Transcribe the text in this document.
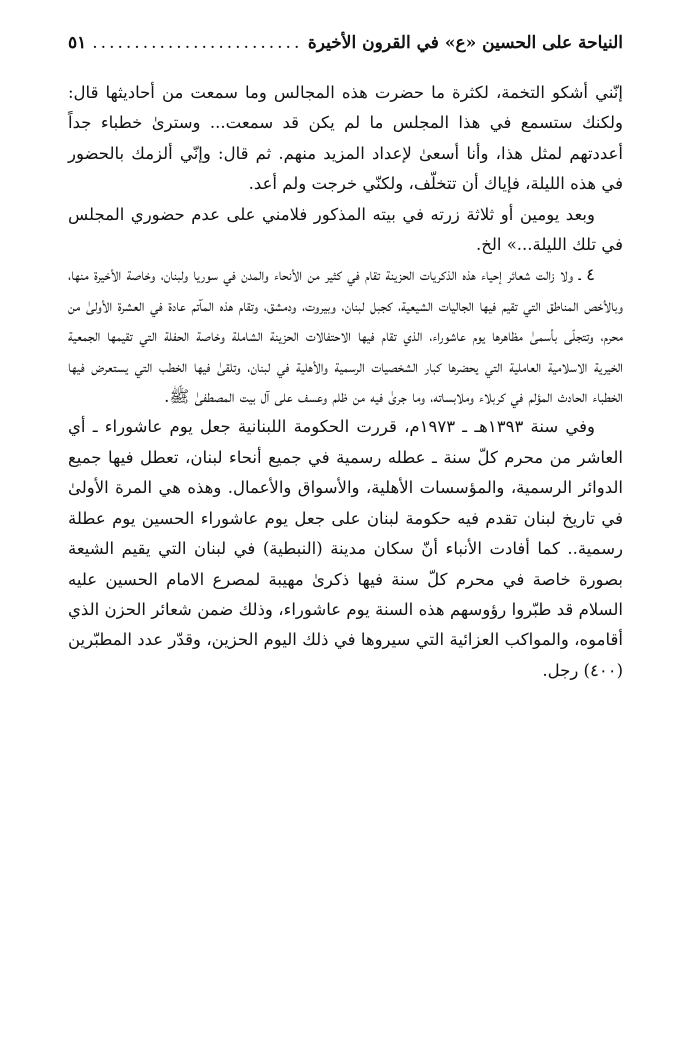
النياحة على الحسين «ع» في القرون الأخيرة
.....
٥١

إنّني أشكو التخمة، لكثرة ما حضرت هذه المجالس وما سمعت من أحاديثها قال: ولكنك ستسمع في هذا المجلس ما لم يكن قد سمعت... وسترىٰ خطباء جداً أعددتهم لمثل هذا، وأنا أسعىٰ لإعداد المزيد منهم. ثم قال: وإنّي ألزمك بالحضور في هذه الليلة، فإياك أن تتخلّف، ولكنّي خرجت ولم أعد.

وبعد يومين أو ثلاثة زرته في بيته المذكور فلامني على عدم حضوري المجلس في تلك الليلة...» الخ.

٤ ـ ولا زالت شعائر إحياء هذه الذكريات الحزينة تقام في كثير من الأنحاء والمدن في سوريا ولبنان، وخاصة الأخيرة منها، وبالأخص المناطق التي تقيم فيها الجاليات الشيعية، كجبل لبنان، وبيروت، ودمشق، وتقام هذه المآتم عادة في العشرة الأولىٰ من محرم، وتتجلّى بأسمىٰ مظاهرها يوم عاشوراء، الذي تقام فيها الاحتفالات الحزينة الشاملة وخاصة الحفلة التي تقيمها الجمعية الخيرية الاسلامية العاملية التي يحضرها كبار الشخصيات الرسمية والأهلية في لبنان، وتلقىٰ فيها الخطب التي يستعرض فيها الخطباء الحادث المؤلم في كربلاء وملابساته، وما جرىٰ فيه من ظلم وعسف على آل بيت المصطفىٰ ﷺ.

وفي سنة ١٣٩٣هـ ـ ١٩٧٣م، قررت الحكومة اللبنانية جعل يوم عاشوراء ـ أي العاشر من محرم كلّ سنة ـ عطله رسمية في جميع أنحاء لبنان، تعطل فيها جميع الدوائر الرسمية، والمؤسسات الأهلية، والأسواق والأعمال. وهذه هي المرة الأولىٰ في تاريخ لبنان تقدم فيه حكومة لبنان على جعل يوم عاشوراء الحسين يوم عطلة رسمية.. كما أفادت الأنباء أنّ سكان مدينة (النبطية) في لبنان التي يقيم الشيعة بصورة خاصة في محرم كلّ سنة فيها ذكرىٰ مهيبة لمصرع الامام الحسين عليه السلام قد طبّروا رؤوسهم هذه السنة يوم عاشوراء، وذلك ضمن شعائر الحزن الذي أقاموه، والمواكب العزائية التي سيروها في ذلك اليوم الحزين، وقدّر عدد المطبّرين (٤٠٠) رجل.
